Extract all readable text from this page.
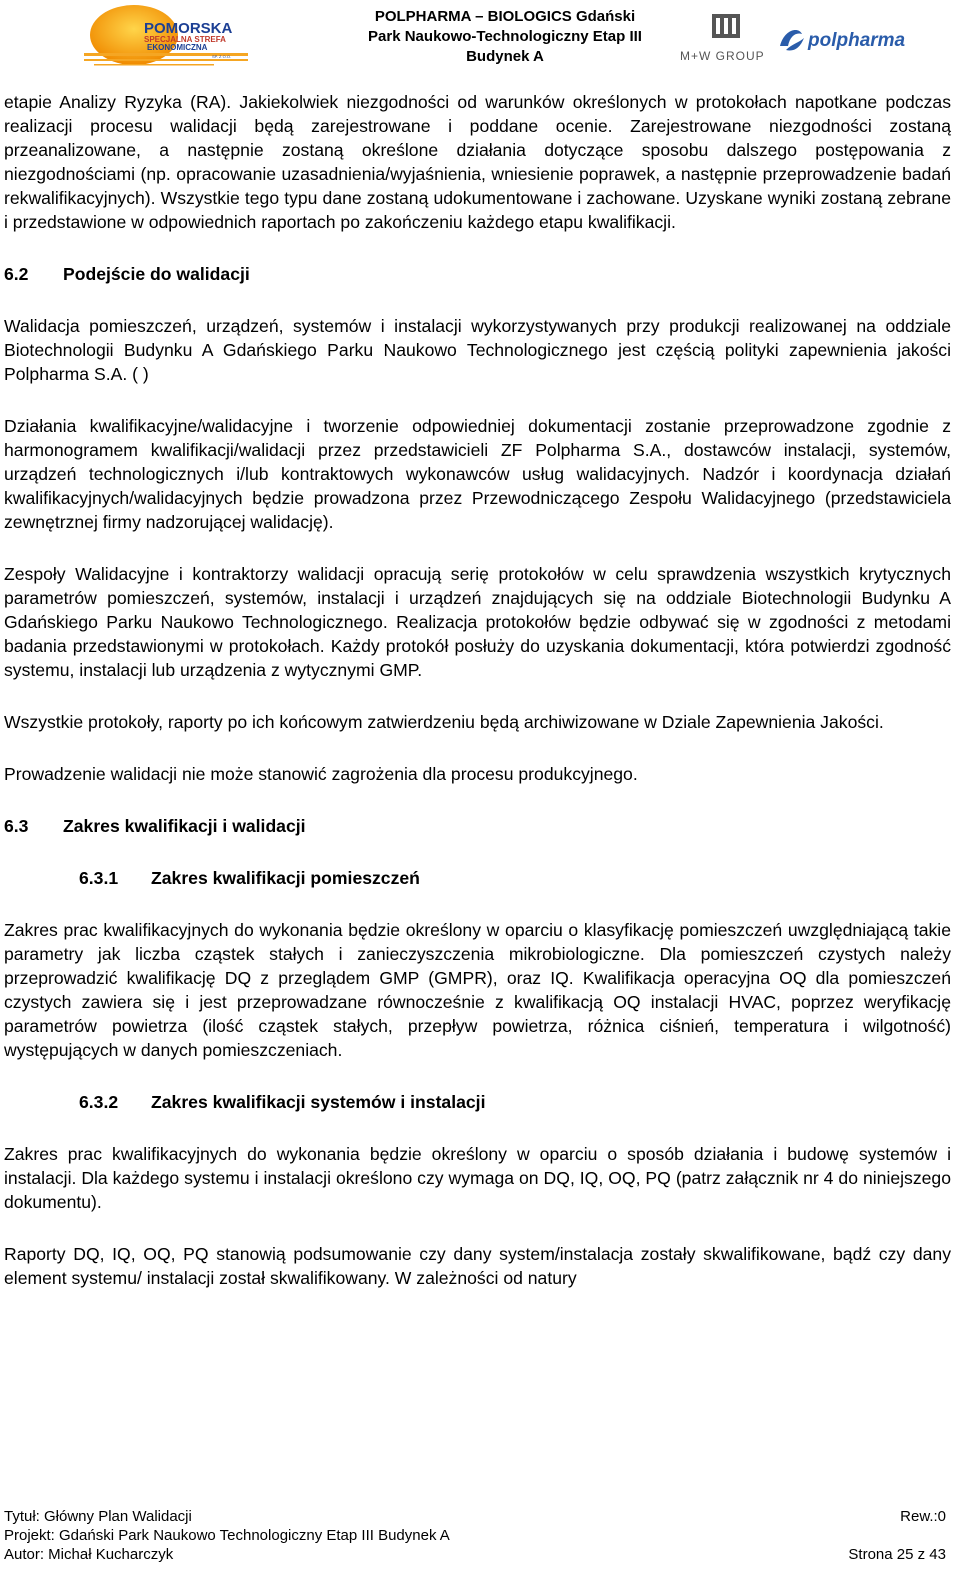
POMORSKA
SPECJALNA STREFA
EKONOMICZNA
SP. Z O.O.
POLPHARMA – BIOLOGICS Gdański
Park Naukowo-Technologiczny Etap III
Budynek A	M+W GROUP
polpharma

etapie Analizy Ryzyka (RA). Jakiekolwiek niezgodności od warunków określonych w protokołach napotkane podczas realizacji procesu walidacji będą zarejestrowane i poddane ocenie. Zarejestrowane niezgodności zostaną przeanalizowane, a następnie zostaną określone działania dotyczące sposobu dalszego postępowania z niezgodnościami (np. opracowanie uzasadnienia/wyjaśnienia, wniesienie poprawek, a następnie przeprowadzenie badań rekwalifikacyjnych). Wszystkie tego typu dane zostaną udokumentowane i zachowane. Uzyskane wyniki zostaną zebrane i przedstawione w odpowiednich raportach po zakończeniu każdego etapu kwalifikacji.

6.2 Podejście do walidacji

Walidacja pomieszczeń, urządzeń, systemów i instalacji wykorzystywanych przy produkcji realizowanej na oddziale Biotechnologii Budynku A Gdańskiego Parku Naukowo Technologicznego jest częścią polityki zapewnienia jakości Polpharma S.A. ( )

Działania kwalifikacyjne/walidacyjne i tworzenie odpowiedniej dokumentacji zostanie przeprowadzone zgodnie z harmonogramem kwalifikacji/walidacji przez przedstawicieli ZF Polpharma S.A., dostawców instalacji, systemów, urządzeń technologicznych i/lub kontraktowych wykonawców usług walidacyjnych. Nadzór i koordynacja działań kwalifikacyjnych/walidacyjnych będzie prowadzona przez Przewodniczącego Zespołu Walidacyjnego (przedstawiciela zewnętrznej firmy nadzorującej walidację).

Zespoły Walidacyjne i kontraktorzy walidacji opracują serię protokołów w celu sprawdzenia wszystkich krytycznych parametrów pomieszczeń, systemów, instalacji i urządzeń znajdujących się na oddziale Biotechnologii Budynku A Gdańskiego Parku Naukowo Technologicznego. Realizacja protokołów będzie odbywać się w zgodności z metodami badania przedstawionymi w protokołach. Każdy protokół posłuży do uzyskania dokumentacji, która potwierdzi zgodność systemu, instalacji lub urządzenia z wytycznymi GMP.

Wszystkie protokoły, raporty po ich końcowym zatwierdzeniu będą archiwizowane w Dziale Zapewnienia Jakości.

Prowadzenie walidacji nie może stanowić zagrożenia dla procesu produkcyjnego.

6.3 Zakres kwalifikacji i walidacji
6.3.1 Zakres kwalifikacji pomieszczeń

Zakres prac kwalifikacyjnych do wykonania będzie określony w oparciu o klasyfikację pomieszczeń uwzględniającą takie parametry jak liczba cząstek stałych i zanieczyszczenia mikrobiologiczne. Dla pomieszczeń czystych należy przeprowadzić kwalifikację DQ z przeglądem GMP (GMPR), oraz IQ. Kwalifikacja operacyjna OQ dla pomieszczeń czystych zawiera się i jest przeprowadzane równocześnie z kwalifikacją OQ instalacji HVAC, poprzez weryfikację parametrów powietrza (ilość cząstek stałych, przepływ powietrza, różnica ciśnień, temperatura i wilgotność) występujących w danych pomieszczeniach.

6.3.2 Zakres kwalifikacji systemów i instalacji

Zakres prac kwalifikacyjnych do wykonania będzie określony w oparciu o sposób działania i budowę systemów i instalacji. Dla każdego systemu i instalacji określono czy wymaga on DQ, IQ, OQ, PQ (patrz załącznik nr 4 do niniejszego dokumentu).

Raporty DQ, IQ, OQ, PQ stanowią podsumowanie czy dany system/instalacja zostały skwalifikowane, bądź czy dany element systemu/ instalacji został skwalifikowany. W zależności od natury

Tytuł: Główny Plan Walidacji	Rew.:0
Projekt: Gdański Park Naukowo Technologiczny Etap III Budynek A
Autor: Michał Kucharczyk	Strona 25 z 43
